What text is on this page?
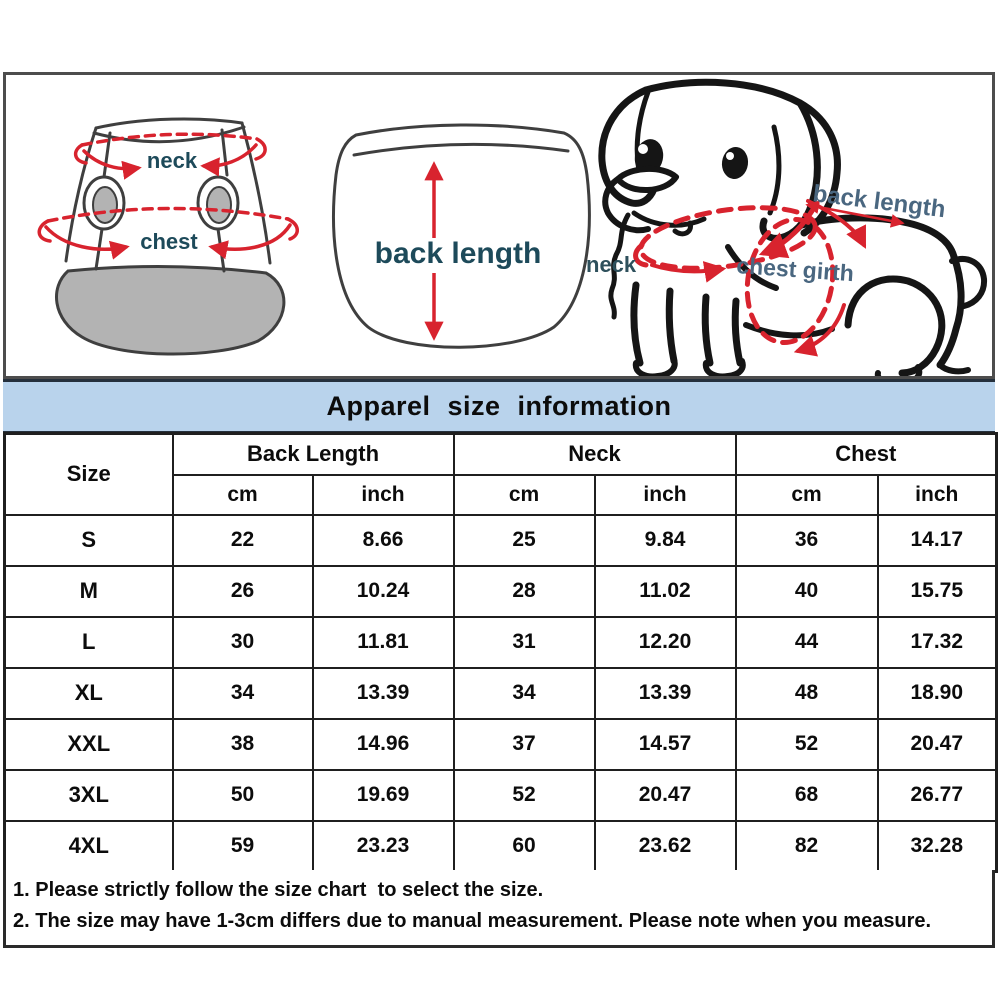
neck
chest	back length neck
back length
chest girth
Apparel size information
Size	Back Length		Neck		Chest	
	cm	inch	cm	inch	cm	inch
S	22	8.66	25	9.84	36	14.17
M	26	10.24	28	11.02	40	15.75
L	30	11.81	31	12.20	44	17.32
XL	34	13.39	34	13.39	48	18.90
XXL	38	14.96	37	14.57	52	20.47
3XL	50	19.69	52	20.47	68	26.77
4XL	59	23.23	60	23.62	82	32.28
1. Please strictly follow the size chart  to select the size.
2. The size may have 1-3cm differs due to manual measurement. Please note when you measure.
